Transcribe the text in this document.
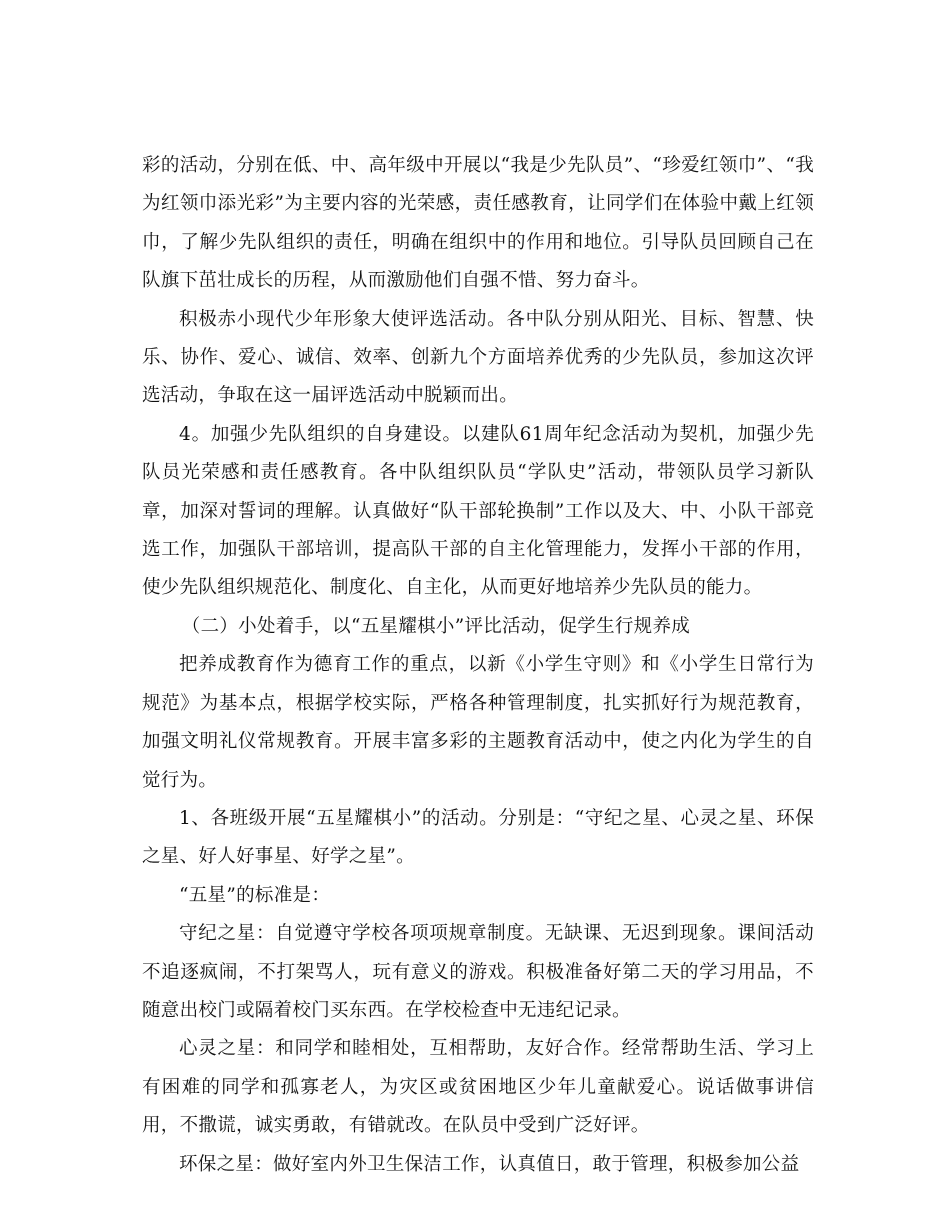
彩的活动，分别在低、中、高年级中开展以“我是少先队员”、“珍爱红领巾”、“我为红领巾添光彩”为主要内容的光荣感，责任感教育，让同学们在体验中戴上红领巾，了解少先队组织的责任，明确在组织中的作用和地位。引导队员回顾自己在队旗下茁壮成长的历程，从而激励他们自强不惜、努力奋斗。

积极赤小现代少年形象大使评选活动。各中队分别从阳光、目标、智慧、快乐、协作、爱心、诚信、效率、创新九个方面培养优秀的少先队员，参加这次评选活动，争取在这一届评选活动中脱颖而出。

4。加强少先队组织的自身建设。以建队61周年纪念活动为契机，加强少先队员光荣感和责任感教育。各中队组织队员“学队史”活动，带领队员学习新队章，加深对誓词的理解。认真做好“队干部轮换制”工作以及大、中、小队干部竞选工作，加强队干部培训，提高队干部的自主化管理能力，发挥小干部的作用，使少先队组织规范化、制度化、自主化，从而更好地培养少先队员的能力。

（二）小处着手，以“五星耀棋小”评比活动，促学生行规养成

把养成教育作为德育工作的重点，以新《小学生守则》和《小学生日常行为规范》为基本点，根据学校实际，严格各种管理制度，扎实抓好行为规范教育，加强文明礼仪常规教育。开展丰富多彩的主题教育活动中，使之内化为学生的自觉行为。

1、各班级开展“五星耀棋小”的活动。分别是：“守纪之星、心灵之星、环保之星、好人好事星、好学之星”。

“五星”的标准是：

守纪之星：自觉遵守学校各项项规章制度。无缺课、无迟到现象。课间活动不追逐疯闹，不打架骂人，玩有意义的游戏。积极准备好第二天的学习用品，不随意出校门或隔着校门买东西。在学校检查中无违纪记录。

心灵之星：和同学和睦相处，互相帮助，友好合作。经常帮助生活、学习上有困难的同学和孤寡老人，为灾区或贫困地区少年儿童献爱心。说话做事讲信用，不撒谎，诚实勇敢，有错就改。在队员中受到广泛好评。

环保之星：做好室内外卫生保洁工作，认真值日，敢于管理，积极参加公益
